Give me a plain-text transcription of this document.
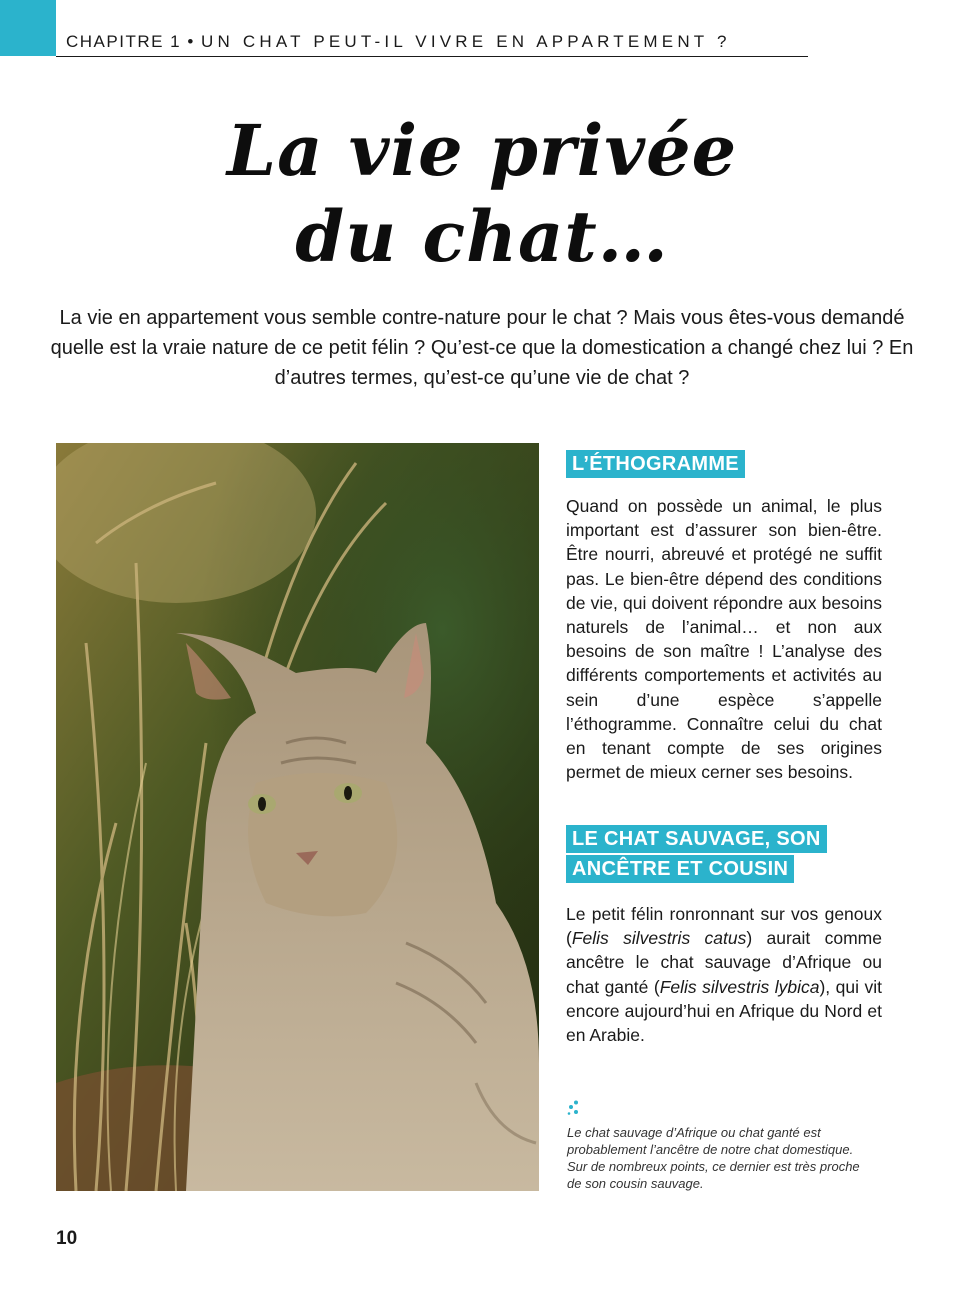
CHAPITRE 1 • UN CHAT PEUT-IL VIVRE EN APPARTEMENT ?
La vie privée
du chat…
La vie en appartement vous semble contre-nature pour le chat ? Mais vous êtes-vous demandé quelle est la vraie nature de ce petit félin ? Qu’est-ce que la domestication a changé chez lui ? En d’autres termes, qu’est-ce qu’une vie de chat ?
L’ÉTHOGRAMME
Quand on possède un animal, le plus important est d’assurer son bien-être. Être nourri, abreuvé et protégé ne suffit pas. Le bien-être dépend des conditions de vie, qui doivent répondre aux besoins naturels de l’animal… et non aux besoins de son maître ! L’analyse des différents comportements et activités au sein d’une espèce s’appelle l’éthogramme. Connaître celui du chat en tenant compte de ses origines permet de mieux cerner ses besoins.
LE CHAT SAUVAGE, SON ANCÊTRE ET COUSIN
Le petit félin ronronnant sur vos genoux (Felis silvestris catus) aurait comme ancêtre le chat sauvage d’Afrique ou chat ganté (Felis silvestris lybica), qui vit encore aujourd’hui en Afrique du Nord et en Arabie.
Le chat sauvage d’Afrique ou chat ganté est probablement l’ancêtre de notre chat domestique. Sur de nombreux points, ce dernier est très proche de son cousin sauvage.
10
